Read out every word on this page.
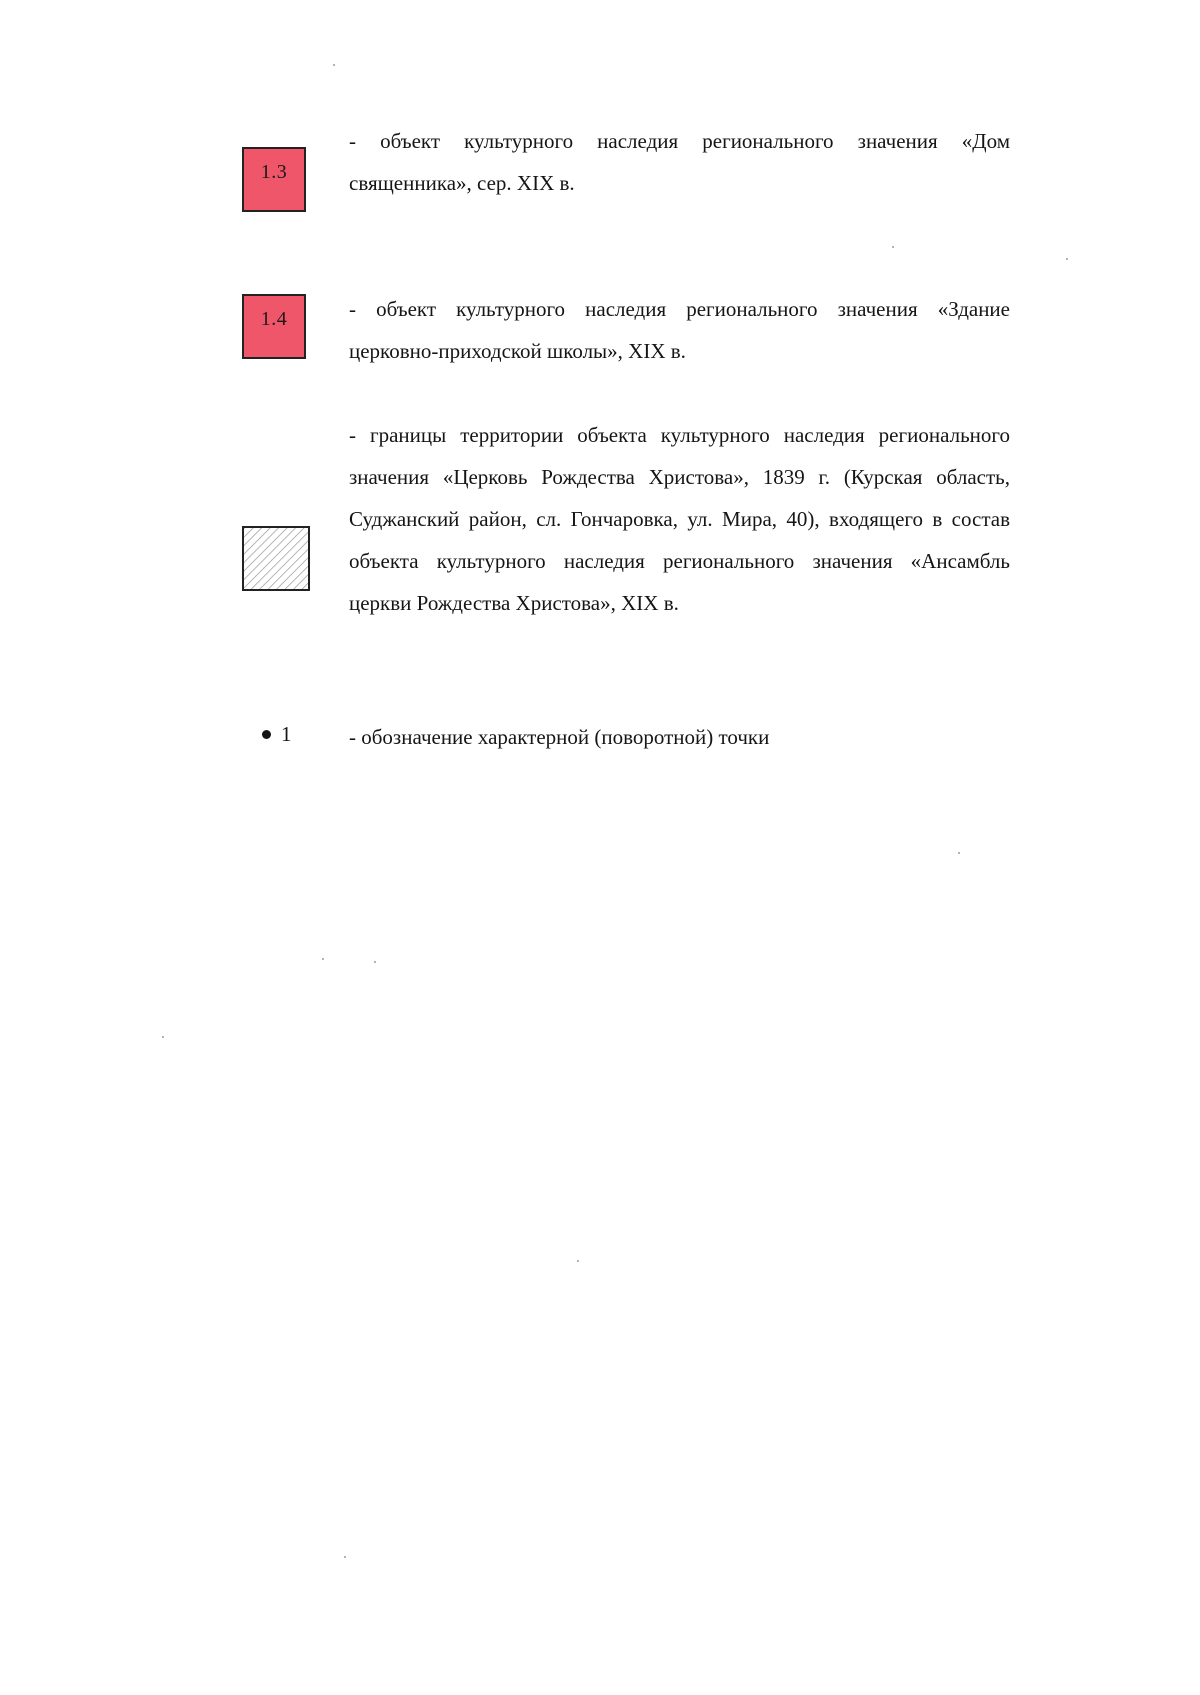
1.3
- объект культурного наследия регионального значения «Дом священника», сер. XIX в.
1.4	- объект культурного наследия регионального значения «Здание церковно-приходской школы», XIX в.
- границы территории объекта культурного наследия регионального значения «Церковь Рождества Христова», 1839 г. (Курская область, Суджанский район, сл. Гончаровка, ул. Мира, 40), входящего в состав объекта культурного наследия регионального значения «Ансамбль церкви Рождества Христова», XIX в.
1	- обозначение характерной (поворотной) точки
